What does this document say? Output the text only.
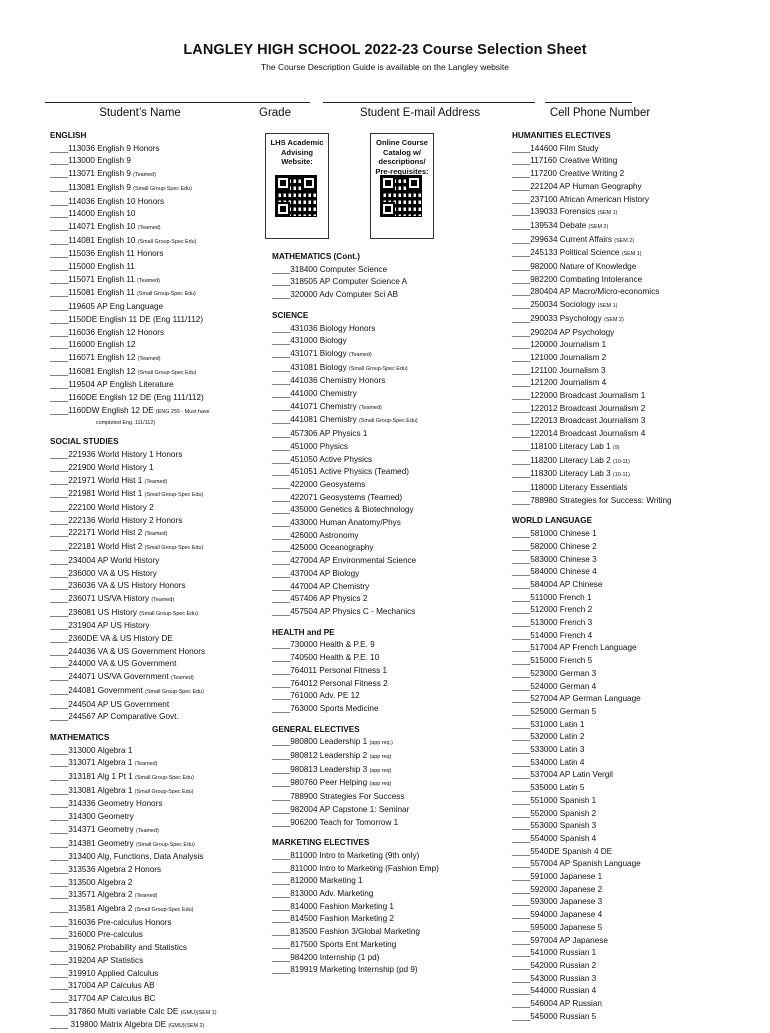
LANGLEY HIGH SCHOOL 2022-23 Course Selection Sheet
The Course Description Guide is available on the Langley website
Student’s Name	Grade	Student E-mail Address	Cell Phone Number
LHS Academic Advising Website:
Online Course Catalog w/ descriptions/ Pre-requisites:
ENGLISH
____113036 English 9 Honors
____113000 English 9
____113071 English 9 (Teamed)
____113081 English 9 (Small Group-Spec Edu)
____114036 English 10 Honors
____114000 English 10
____114071 English 10 (Teamed)
____114081 English 10 (Small Group-Spec Edu)
____115036 English 11 Honors
____115000 English 11
____115071 English 11 (Teamed)
____115081 English 11 (Small Group-Spec Edu)
____119605 AP Eng Language
____1150DE English 11 DE (Eng 111/112)
____116036 English 12 Honors
____116000 English 12
____116071 English 12 (Teamed)
____116081 English 12 (Small Group-Spec Edu)
____119504 AP English Literature
____1160DE English 12 DE (Eng 111/112)
____1160DW English 12 DE (ENG 255 - Must have
completed Eng. 111/112)
SOCIAL STUDIES
____221936 World History 1 Honors
____221900 World History 1
____221971 World Hist 1 (Teamed)
____221981 World Hist 1 (Small Group-Spec Edu)
____222100 World History 2
____222136 World History 2 Honors
____222171 World Hist 2 (Teamed)
____222181 World Hist 2 (Small Group-Spec Edu)
____234004 AP World History
____236000 VA & US History
____236036 VA & US History Honors
____236071 US/VA History (Teamed)
____236081 US History (Small Group-Spec Edu)
____231904 AP US History
____2360DE VA & US History DE
____244036 VA & US Government Honors
____244000 VA & US Government
____244071 US/VA Government (Teamed)
____244081 Government (Small Group-Spec Edu)
____244504 AP US Government
____244567 AP Comparative Govt.
MATHEMATICS
____313000 Algebra 1
____313071 Algebra 1 (Teamed)
____313181 Alg 1 Pt 1 (Small Group-Spec Edu)
____313081 Algebra 1 (Small Group-Spec Edu)
____314336 Geometry Honors
____314300 Geometry
____314371 Geometry (Teamed)
____314381 Geometry (Small Group-Spec Edu)
____313400 Alg, Functions, Data Analysis
____313536 Algebra 2 Honors
____313500 Algebra 2
____313571 Algebra 2 (Teamed)
____313581 Algebra 2 (Small Group-Spec Edu)
____316036 Pre-calculus Honors
____316000 Pre-calculus
____319062 Probability and Statistics
____319204 AP Statistics
____319910 Applied Calculus
____317004 AP Calculus AB
____317704 AP Calculus BC
____317860 Multi variable Calc DE (GMU)(SEM 1)
____ 319800 Matrix Algebra DE (GMU)(SEM 2)
MATHEMATICS (Cont.)
____318400 Computer Science
____318505 AP Computer Science A
____320000 Adv Computer Sci AB
SCIENCE
____431036 Biology Honors
____431000 Biology
____431071 Biology (Teamed)
____431081 Biology (Small Group-Spec Edu)
____441036 Chemistry Honors
____441000 Chemistry
____441071 Chemistry (Teamed)
____441081 Chemistry (Small Group-Spec Edu)
____457306 AP Physics 1
____451000 Physics
____451050 Active Physics
____451051 Active Physics (Teamed)
____422000 Geosystems
____422071 Geosystems (Teamed)
____435000 Genetics & Biotechnology
____433000 Human Anatomy/Phys
____426000 Astronomy
____425000 Oceanography
____427004 AP Environmental Science
____437004 AP Biology
____447004 AP Chemistry
____457406 AP Physics 2
____457504 AP Physics C - Mechanics
HEALTH and PE
____730000 Health & P.E. 9
____740500 Health & P.E. 10
____764011 Personal Fitness 1
____764012 Personal Fitness 2
____761000 Adv. PE 12
____763000 Sports Medicine
GENERAL ELECTIVES
____980800 Leadership 1 (app req.)
____980812 Leadership 2 (app req)
____980813 Leadership 3 (app req)
____980760 Peer Helping (app req)
____788900 Strategies For Success
____982004 AP Capstone 1: Seminar
____906200 Teach for Tomorrow 1
MARKETING ELECTIVES
____811000 Intro to Marketing (9th only)
____811000 Intro to Marketing (Fashion Emp)
____812000 Marketing 1
____813000 Adv. Marketing
____814000 Fashion Marketing 1
____814500 Fashion Marketing 2
____813500 Fashion 3/Global Marketing
____817500 Sports Ent Marketing
____984200 Internship (1 pd)
____819919 Marketing Internship (pd 9)
HUMANITIES ELECTIVES
____144600 Film Study
____117160 Creative Writing
____117200 Creative Writing 2
____221204 AP Human Geography
____237100 African American History
____139033 Forensics (SEM 1)
____139534 Debate (SEM 2)
____299634 Current Affairs (SEM 2)
____245133 Political Science (SEM 1)
____982000 Nature of Knowledge
____982200 Combating Intolerance
____280404 AP Macro/Micro-economics
____250034 Sociology (SEM 1)
____290033 Psychology (SEM 2)
____290204 AP Psychology
____120000 Journalism 1
____121000 Journalism 2
____121100 Journalism 3
____121200 Journalism 4
____122000 Broadcast Journalism 1
____122012 Broadcast Journalism 2
____122013 Broadcast Journalism 3
____122014 Broadcast Journalism 4
____118100 Literacy Lab 1 (9)
____118200 Literacy Lab 2 (10-11)
____118300 Literacy Lab 3 (10-11)
____118000 Literacy Essentials
____788980 Strategies for Success: Writing
WORLD LANGUAGE
____581000 Chinese 1
____582000 Chinese 2
____583000 Chinese 3
____584000 Chinese 4
____584004 AP Chinese
____511000 French 1
____512000 French 2
____513000 French 3
____514000 French 4
____517004 AP French Language
____515000 French 5
____523000 German 3
____524000 German 4
____527004 AP German Language
____525000 German 5
____531000 Latin 1
____532000 Latin 2
____533000 Latin 3
____534000 Latin 4
____537004 AP Latin Vergil
____535000 Latin 5
____551000 Spanish 1
____552000 Spanish 2
____553000 Spanish 3
____554000 Spanish 4
____5540DE Spanish 4 DE
____557004 AP Spanish Language
____591000 Japanese 1
____592000 Japanese 2
____593000 Japanese 3
____594000 Japanese 4
____595000 Japanese 5
____597004 AP Japanese
____541000 Russian 1
____542000 Russian 2
____543000 Russian 3
____544000 Russian 4
____546004 AP Russian
____545000 Russian 5
